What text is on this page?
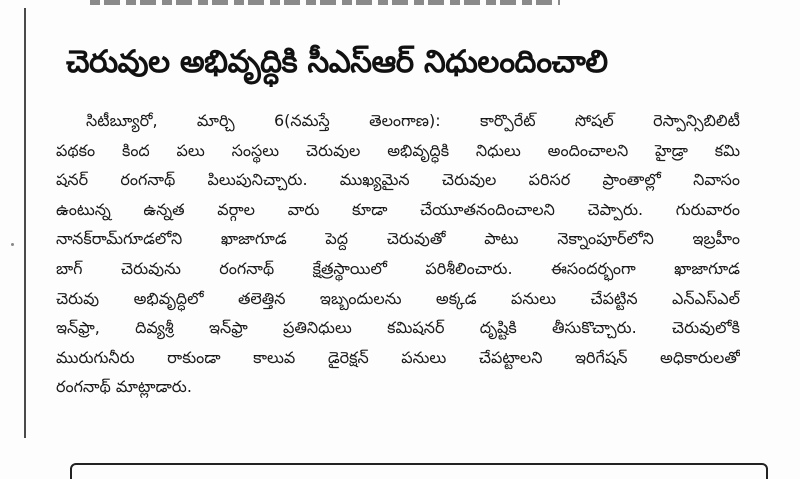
చెరువుల అభివృద్ధికి సీఎస్‌ఆర్ నిధులందించాలి
సిటీబ్యూరో, మార్చి 6(నమస్తే తెలంగాణ): కార్పొరేట్ సోషల్ రెస్పాన్సిబిలిటీ
పథకం కింద పలు సంస్థలు చెరువుల అభివృద్ధికి నిధులు అందించాలని హైడ్రా కమి
షనర్ రంగనాథ్ పిలుపునిచ్చారు. ముఖ్యమైన చెరువుల పరిసర ప్రాంతాల్లో నివాసం
ఉంటున్న ఉన్నత వర్గాల వారు కూడా చేయూతనందించాలని చెప్పారు. గురువారం
నానక్‌రామ్‌గూడలోని ఖాజాగూడ పెద్ద చెరువుతో పాటు నెక్నాంపూర్‌లోని ఇబ్రహీం
బాగ్ చెరువును రంగనాథ్ క్షేత్రస్థాయిలో పరిశీలించారు. ఈసందర్భంగా ఖాజాగూడ
చెరువు అభివృద్ధిలో తలెత్తిన ఇబ్బందులను అక్కడ పనులు చేపట్టిన ఎన్ఎస్ఎల్
ఇన్‌ఫ్రా, దివ్యశ్రీ ఇన్‌ఫ్రా ప్రతినిధులు కమిషనర్ దృష్టికి తీసుకొచ్చారు. చెరువులోకి
మురుగునీరు రాకుండా కాలువ డైరెక్షన్ పనులు చేపట్టాలని ఇరిగేషన్ అధికారులతో
రంగనాథ్ మాట్లాడారు.
